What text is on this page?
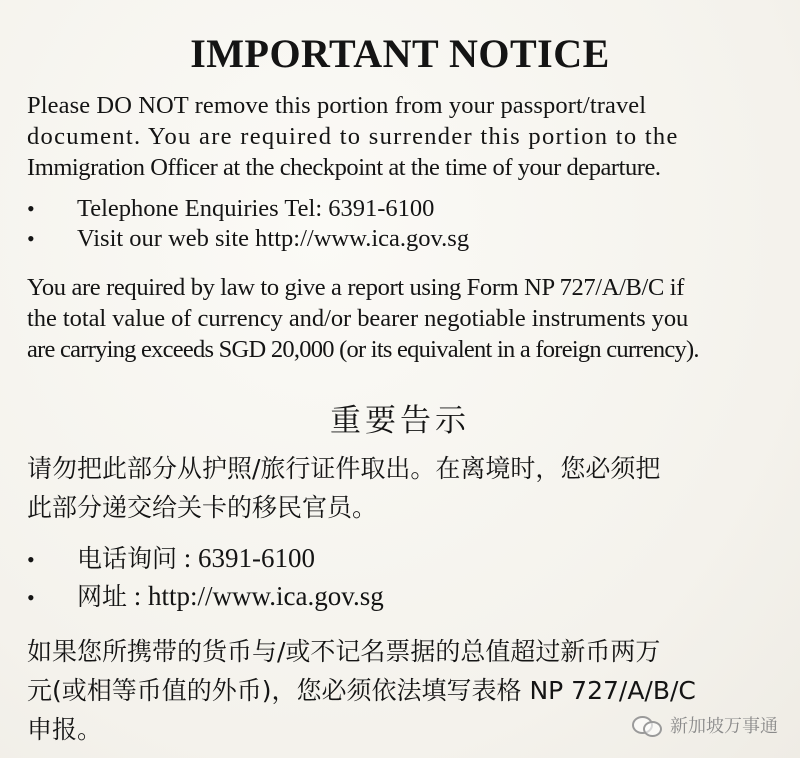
IMPORTANT NOTICE
Please DO NOT remove this portion from your passport/travel
document. You are required to surrender this portion to the
Immigration Officer at the checkpoint at the time of your departure.
• Telephone Enquiries Tel: 6391-6100
• Visit our web site http://www.ica.gov.sg
You are required by law to give a report using Form NP 727/A/B/C if
the total value of currency and/or bearer negotiable instruments you
are carrying exceeds SGD 20,000 (or its equivalent in a foreign currency).
重要告示
请勿把此部分从护照/旅行证件取出。在离境时，您必须把
此部分递交给关卡的移民官员。
• 电话询问 : 6391-6100
• 网址 : http://www.ica.gov.sg
如果您所携带的货币与/或不记名票据的总值超过新币两万
元(或相等币值的外币)，您必须依法填写表格 NP 727/A/B/C
申报。	新加坡万事通
